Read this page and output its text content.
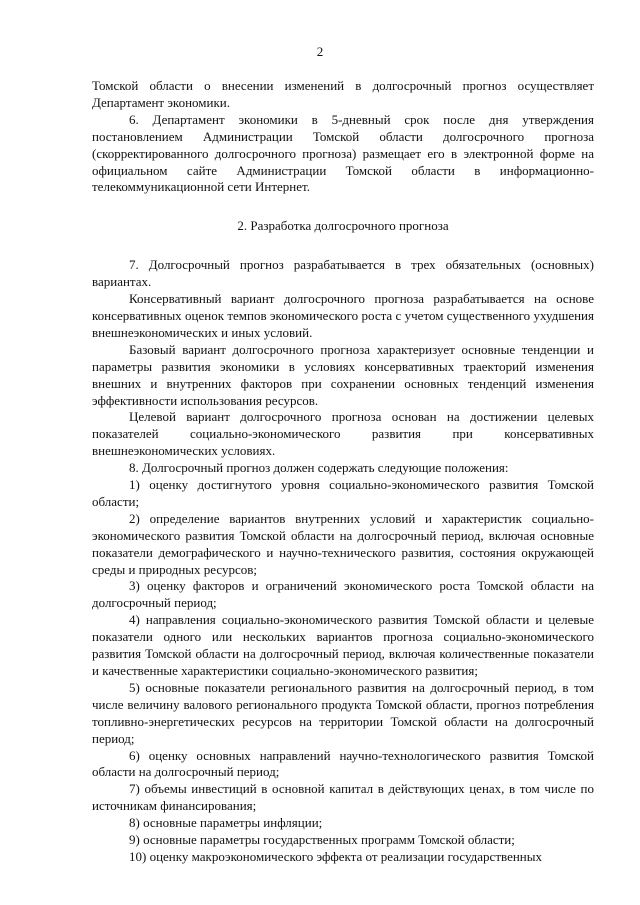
2

Томской области о внесении изменений в долгосрочный прогноз осуществляет Департамент экономики.

6. Департамент экономики в 5-дневный срок после дня утверждения постановлением Администрации Томской области долгосрочного прогноза (скорректированного долгосрочного прогноза) размещает его в электронной форме на официальном сайте Администрации Томской области в информационно-телекоммуникационной сети Интернет.

2. Разработка долгосрочного прогноза

7. Долгосрочный прогноз разрабатывается в трех обязательных (основных) вариантах.

Консервативный вариант долгосрочного прогноза разрабатывается на основе консервативных оценок темпов экономического роста с учетом существенного ухудшения внешнеэкономических и иных условий.

Базовый вариант долгосрочного прогноза характеризует основные тенденции и параметры развития экономики в условиях консервативных траекторий изменения внешних и внутренних факторов при сохранении основных тенденций изменения эффективности использования ресурсов.

Целевой вариант долгосрочного прогноза основан на достижении целевых показателей социально-экономического развития при консервативных внешнеэкономических условиях.

8. Долгосрочный прогноз должен содержать следующие положения:

1) оценку достигнутого уровня социально-экономического развития Томской области;

2) определение вариантов внутренних условий и характеристик социально-экономического развития Томской области на долгосрочный период, включая основные показатели демографического и научно-технического развития, состояния окружающей среды и природных ресурсов;

3) оценку факторов и ограничений экономического роста Томской области на долгосрочный период;

4) направления социально-экономического развития Томской области и целевые показатели одного или нескольких вариантов прогноза социально-экономического развития Томской области на долгосрочный период, включая количественные показатели и качественные характеристики социально-экономического развития;

5) основные показатели регионального развития на долгосрочный период, в том числе величину валового регионального продукта Томской области, прогноз потребления топливно-энергетических ресурсов на территории Томской области на долгосрочный период;

6) оценку основных направлений научно-технологического развития Томской области на долгосрочный период;

7) объемы инвестиций в основной капитал в действующих ценах, в том числе по источникам финансирования;

8) основные параметры инфляции;

9) основные параметры государственных программ Томской области;

10) оценку макроэкономического эффекта от реализации государственных
